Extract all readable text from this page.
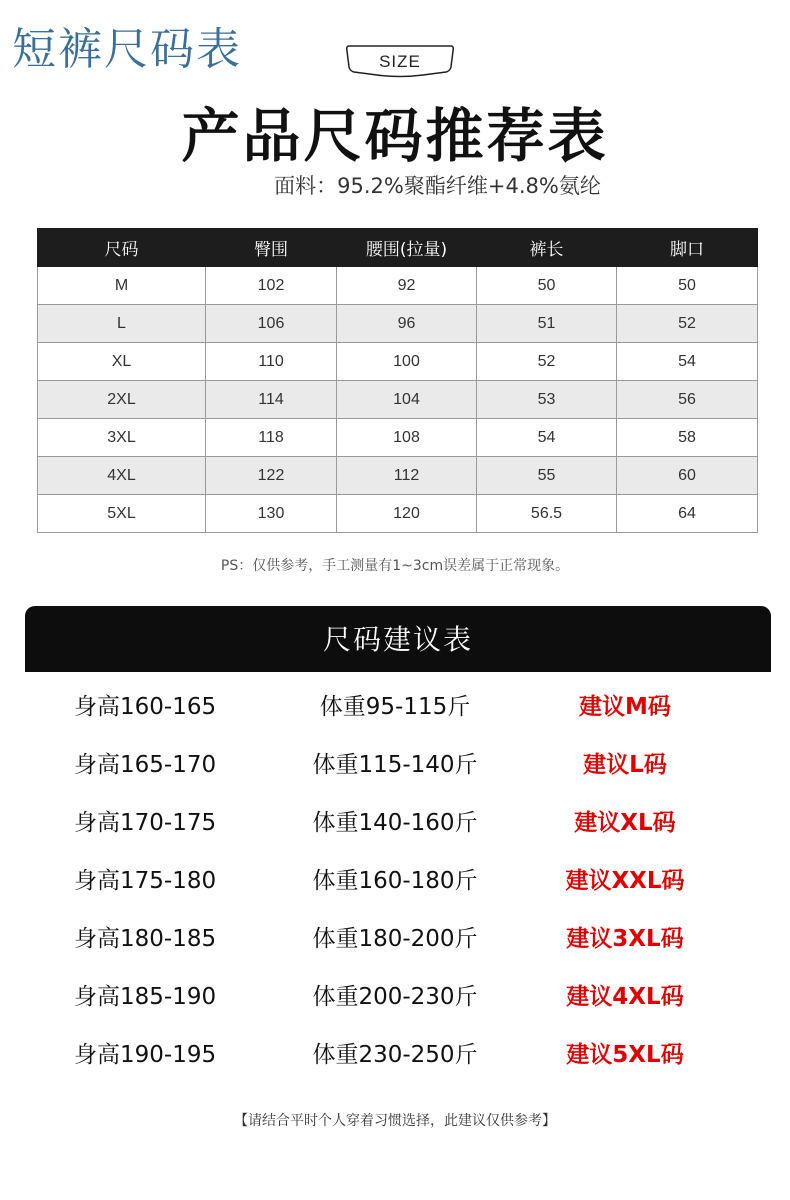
短裤尺码表	SIZE
产品尺码推荐表
面料：95.2%聚酯纤维+4.8%氨纶
尺码	臀围	腰围(拉量)	裤长	脚口
M	102	92	50	50
L	106	96	51	52
XL	110	100	52	54
2XL	114	104	53	56
3XL	118	108	54	58
4XL	122	112	55	60
5XL	130	120	56.5	64
PS：仅供参考，手工测量有1~3cm误差属于正常现象。
尺码建议表
身高160-165	体重95-115斤	建议M码
身高165-170	体重115-140斤	建议L码
身高170-175	体重140-160斤	建议XL码
身高175-180	体重160-180斤	建议XXL码
身高180-185	体重180-200斤	建议3XL码
身高185-190	体重200-230斤	建议4XL码
身高190-195	体重230-250斤	建议5XL码
【请结合平时个人穿着习惯选择，此建议仅供参考】
